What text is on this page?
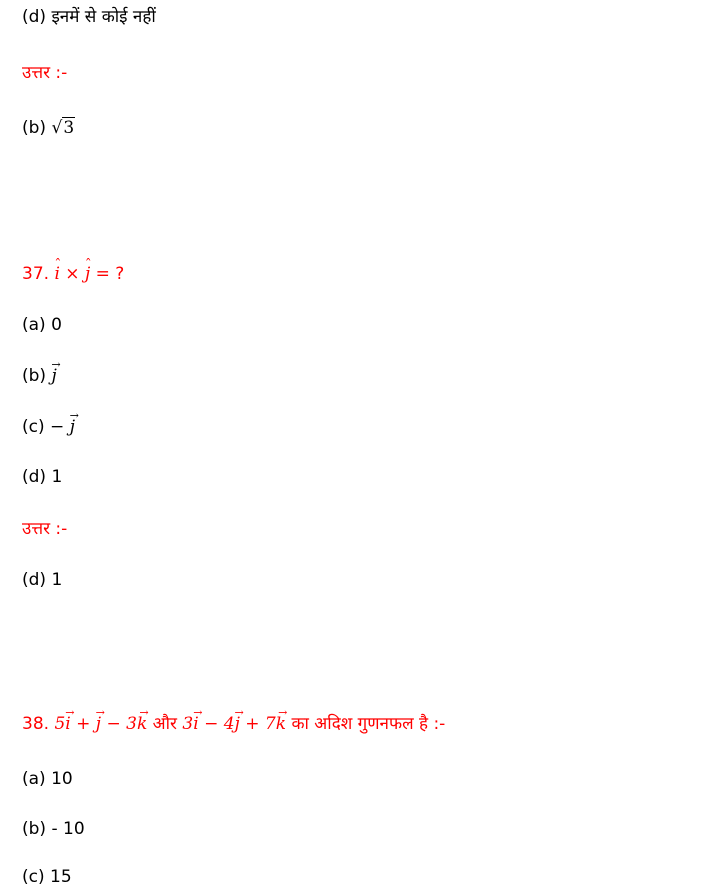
(d) इनमें से कोई नहीं
उत्तर :-
(b) √3
37. i ˆ × j ˆ = ?
(a) 0
(b) j →
(c) − j →
(d) 1
उत्तर :-
(d) 1
38. 5i → + j → − 3k → और 3i → − 4j → + 7k → का अदिश गुणनफल है :-
(a) 10
(b) - 10
(c) 15
